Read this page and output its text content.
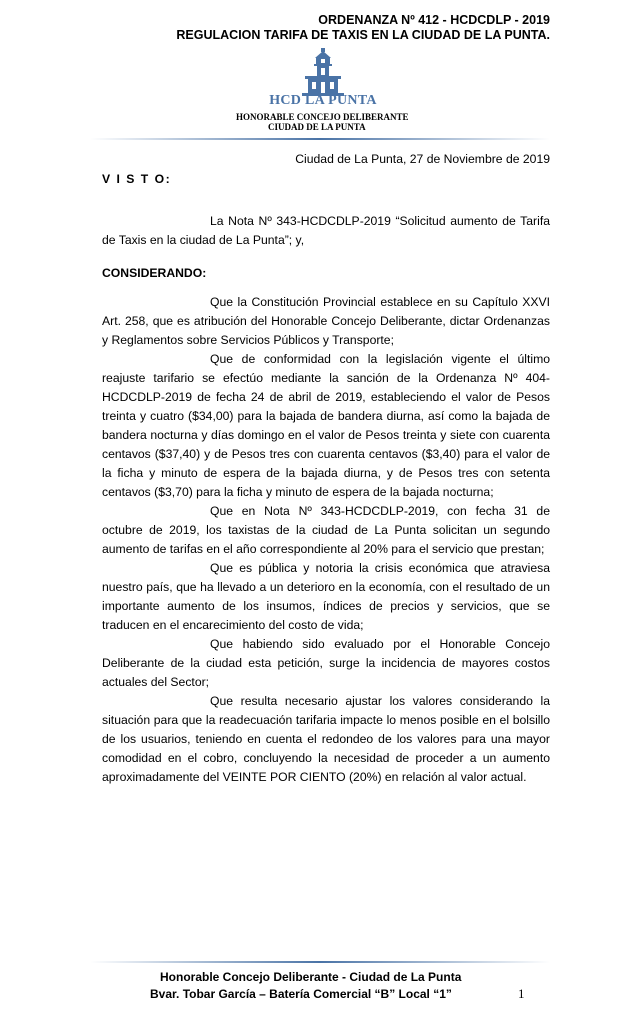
ORDENANZA Nº 412 - HCDCDLP - 2019
REGULACION TARIFA DE TAXIS EN LA CIUDAD DE LA PUNTA.
HCD LA PUNTA
HONORABLE CONCEJO DELIBERANTE
CIUDAD DE LA PUNTA
Ciudad de La Punta, 27 de Noviembre de 2019
V I S T O:
La Nota Nº 343-HCDCDLP-2019 “Solicitud aumento de Tarifa de Taxis en la ciudad de La Punta”; y,
CONSIDERANDO:

Que la Constitución Provincial establece en su Capítulo XXVI Art. 258, que es atribución del Honorable Concejo Deliberante, dictar Ordenanzas y Reglamentos sobre Servicios Públicos y Transporte;

Que de conformidad con la legislación vigente el último reajuste tarifario se efectúo mediante la sanción de la Ordenanza Nº 404-HCDCDLP-2019 de fecha 24 de abril de 2019, estableciendo el valor de Pesos treinta y cuatro ($34,00) para la bajada de bandera diurna, así como la bajada de bandera nocturna y días domingo en el valor de Pesos treinta y siete con cuarenta centavos ($37,40) y de Pesos tres con cuarenta centavos ($3,40) para el valor de la ficha y minuto de espera de la bajada diurna, y de Pesos tres con setenta centavos ($3,70) para la ficha y minuto de espera de la bajada nocturna;

Que en Nota Nº 343-HCDCDLP-2019, con fecha 31 de octubre de 2019, los taxistas de la ciudad de La Punta solicitan un segundo aumento de tarifas en el año correspondiente al 20% para el servicio que prestan;

Que es pública y notoria la crisis económica que atraviesa nuestro país, que ha llevado a un deterioro en la economía, con el resultado de un importante aumento de los insumos, índices de precios y servicios, que se traducen en el encarecimiento del costo de vida;

Que habiendo sido evaluado por el Honorable Concejo Deliberante de la ciudad esta petición, surge la incidencia de mayores costos actuales del Sector;

Que resulta necesario ajustar los valores considerando la situación para que la readecuación tarifaria impacte lo menos posible en el bolsillo de los usuarios, teniendo en cuenta el redondeo de los valores para una mayor comodidad en el cobro, concluyendo la necesidad de proceder a un aumento aproximadamente del VEINTE POR CIENTO (20%) en relación al valor actual.

Honorable Concejo Deliberante - Ciudad de La Punta
Bvar. Tobar García – Batería Comercial “B” Local “1”	1
